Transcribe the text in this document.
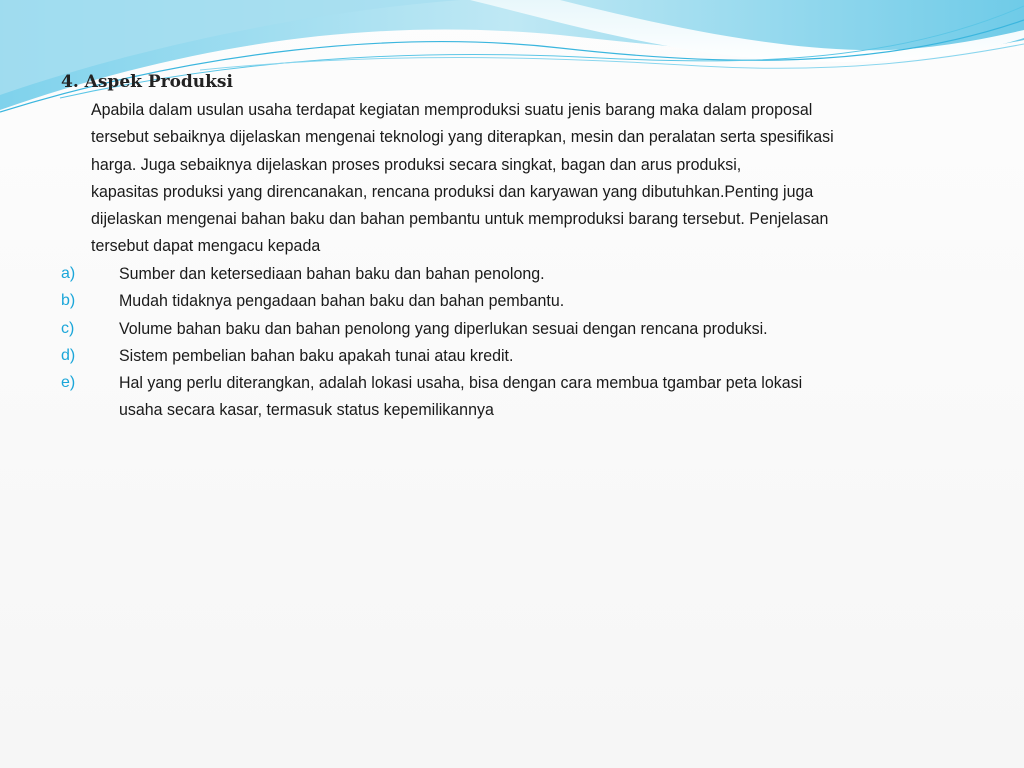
4. Aspek Produksi
Apabila dalam usulan usaha terdapat kegiatan memproduksi suatu jenis barang maka dalam proposal
tersebut sebaiknya dijelaskan mengenai teknologi yang diterapkan, mesin dan peralatan serta spesifikasi
harga. Juga sebaiknya dijelaskan proses produksi secara singkat, bagan dan arus produksi,
kapasitas produksi yang direncanakan, rencana produksi dan karyawan yang dibutuhkan.Penting juga
dijelaskan mengenai bahan baku dan bahan pembantu untuk memproduksi barang tersebut. Penjelasan
tersebut dapat mengacu kepada
a)	Sumber dan ketersediaan bahan baku dan bahan penolong.
b)	Mudah tidaknya pengadaan bahan baku dan bahan pembantu.
c)	Volume bahan baku dan bahan penolong yang diperlukan sesuai dengan rencana produksi.
d)	Sistem pembelian bahan baku apakah tunai atau kredit.
e)	Hal yang perlu diterangkan, adalah lokasi usaha, bisa dengan cara membua tgambar peta lokasi
usaha secara kasar, termasuk status kepemilikannya
